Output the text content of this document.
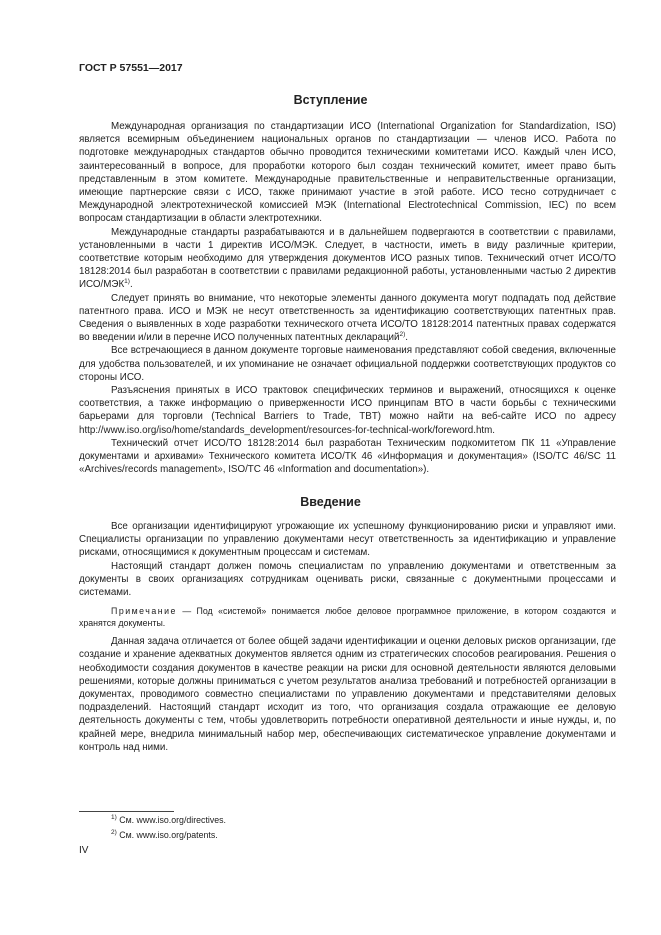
ГОСТ Р 57551—2017
Вступление

Международная организация по стандартизации ИСО (International Organization for Standardization, ISO) является всемирным объединением национальных органов по стандартизации — членов ИСО. Работа по подготовке международных стандартов обычно проводится техническими комитетами ИСО. Каждый член ИСО, заинтересованный в вопросе, для проработки которого был создан технический комитет, имеет право быть представленным в этом комитете. Международные правительственные и неправительственные организации, имеющие партнерские связи с ИСО, также принимают участие в этой работе. ИСО тесно сотрудничает с Международной электротехнической комиссией МЭК (International Electrotechnical Commission, IEC) по всем вопросам стандартизации в области электротехники.

Международные стандарты разрабатываются и в дальнейшем подвергаются в соответствии с правилами, установленными в части 1 директив ИСО/МЭК. Следует, в частности, иметь в виду различные критерии, соответствие которым необходимо для утверждения документов ИСО разных типов. Технический отчет ИСО/ТО 18128:2014 был разработан в соответствии с правилами редакционной работы, установленными частью 2 директив ИСО/МЭК$^{1)}$.

Следует принять во внимание, что некоторые элементы данного документа могут подпадать под действие патентного права. ИСО и МЭК не несут ответственность за идентификацию соответствующих патентных прав. Сведения о выявленных в ходе разработки технического отчета ИСО/ТО 18128:2014 патентных правах содержатся во введении и/или в перечне ИСО полученных патентных деклараций$^{2)}$.

Все встречающиеся в данном документе торговые наименования представляют собой сведения, включенные для удобства пользователей, и их упоминание не означает официальной поддержки соответствующих продуктов со стороны ИСО.

Разъяснения принятых в ИСО трактовок специфических терминов и выражений, относящихся к оценке соответствия, а также информацию о приверженности ИСО принципам ВТО в части борьбы с техническими барьерами для торговли (Technical Barriers to Trade, TBT) можно найти на веб-сайте ИСО по адресу http://www.iso.org/iso/home/standards_development/resources-for-technical-work/foreword.htm.

Технический отчет ИСО/ТО 18128:2014 был разработан Техническим подкомитетом ПК 11 «Управление документами и архивами» Технического комитета ИСО/ТК 46 «Информация и документация» (ISO/TC 46/SC 11 «Archives/records management», ISO/TC 46 «Information and documentation»).

Введение

Все организации идентифицируют угрожающие их успешному функционированию риски и управляют ими. Специалисты организации по управлению документами несут ответственность за идентификацию и управление рисками, относящимися к документным процессам и системам.

Настоящий стандарт должен помочь специалистам по управлению документами и ответственным за документы в своих организациях сотрудникам оценивать риски, связанные с документными процессами и системами.

Примечание — Под «системой» понимается любое деловое программное приложение, в котором создаются и хранятся документы.

Данная задача отличается от более общей задачи идентификации и оценки деловых рисков организации, где создание и хранение адекватных документов является одним из стратегических способов реагирования. Решения о необходимости создания документов в качестве реакции на риски для основной деятельности являются деловыми решениями, которые должны приниматься с учетом результатов анализа требований и потребностей организации в документах, проводимого совместно специалистами по управлению документами и представителями деловых подразделений. Настоящий стандарт исходит из того, что организация создала отражающие ее деловую деятельность документы с тем, чтобы удовлетворить потребности оперативной деятельности и иные нужды, и, по крайней мере, внедрила минимальный набор мер, обеспечивающих систематическое управление документами и контроль над ними.

$^{1)}$ См. www.iso.org/directives.
$^{2)}$ См. www.iso.org/patents.
IV
